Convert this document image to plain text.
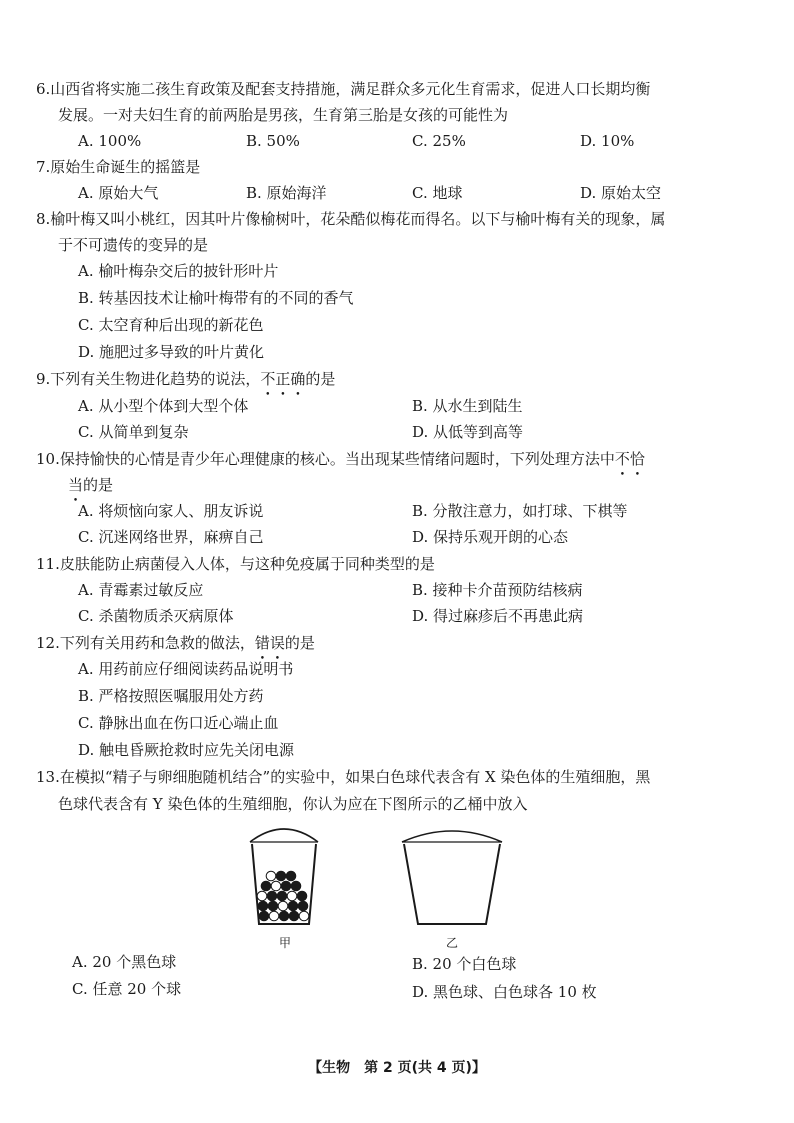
6.山西省将实施二孩生育政策及配套支持措施，满足群众多元化生育需求，促进人口长期均衡
发展。一对夫妇生育的前两胎是男孩，生育第三胎是女孩的可能性为
A. 100%	B. 50%	C. 25%	D. 10%
7.原始生命诞生的摇篮是
A. 原始大气	B. 原始海洋	C. 地球	D. 原始太空
8.榆叶梅又叫小桃红，因其叶片像榆树叶，花朵酷似梅花而得名。以下与榆叶梅有关的现象，属
于不可遗传的变异的是
A. 榆叶梅杂交后的披针形叶片
B. 转基因技术让榆叶梅带有的不同的香气
C. 太空育种后出现的新花色
D. 施肥过多导致的叶片黄化
9.下列有关生物进化趋势的说法，不正确的是
A. 从小型个体到大型个体	B. 从水生到陆生
C. 从简单到复杂	D. 从低等到高等
10.保持愉快的心情是青少年心理健康的核心。当出现某些情绪问题时，下列处理方法中不恰
当的是
A. 将烦恼向家人、朋友诉说	B. 分散注意力，如打球、下棋等
C. 沉迷网络世界，麻痹自己	D. 保持乐观开朗的心态
11.皮肤能防止病菌侵入人体，与这种免疫属于同种类型的是
A. 青霉素过敏反应	B. 接种卡介苗预防结核病
C. 杀菌物质杀灭病原体	D. 得过麻疹后不再患此病
12.下列有关用药和急救的做法，错误的是
A. 用药前应仔细阅读药品说明书
B. 严格按照医嘱服用处方药
C. 静脉出血在伤口近心端止血
D. 触电昏厥抢救时应先关闭电源
13.在模拟“精子与卵细胞随机结合”的实验中，如果白色球代表含有 X 染色体的生殖细胞，黑
色球代表含有 Y 染色体的生殖细胞，你认为应在下图所示的乙桶中放入
甲	乙
A. 20 个黑色球	B. 20 个白色球
C. 任意 20 个球	D. 黑色球、白色球各 10 枚
【生物　第 2 页(共 4 页)】
